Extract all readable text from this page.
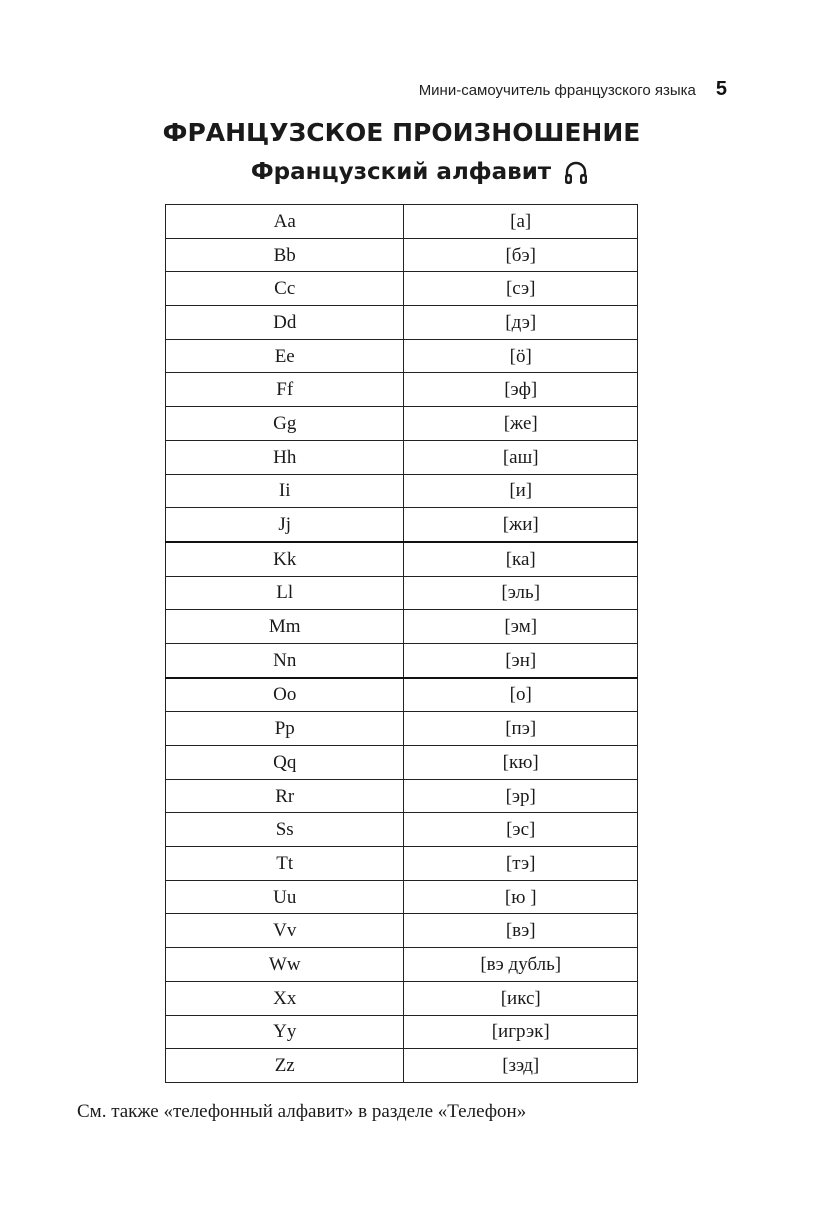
Мини-самоучитель французского языка 5
ФРАНЦУЗСКОЕ ПРОИЗНОШЕНИЕ
Французский алфавит
Aa	[а]
Bb	[бэ]
Cc	[сэ]
Dd	[дэ]
Ee	[ö]
Ff	[эф]
Gg	[же]
Hh	[аш]
Ii	[и]
Jj	[жи]
Kk	[ка]
Ll	[эль]
Mm	[эм]
Nn	[эн]
Oo	[о]
Pp	[пэ]
Qq	[кю]
Rr	[эр]
Ss	[эс]
Tt	[тэ]
Uu	[ю ]
Vv	[вэ]
Ww	[вэ дубль]
Xx	[икс]
Yy	[игрэк]
Zz	[зэд]
См. также «телефонный алфавит» в разделе «Телефон»
